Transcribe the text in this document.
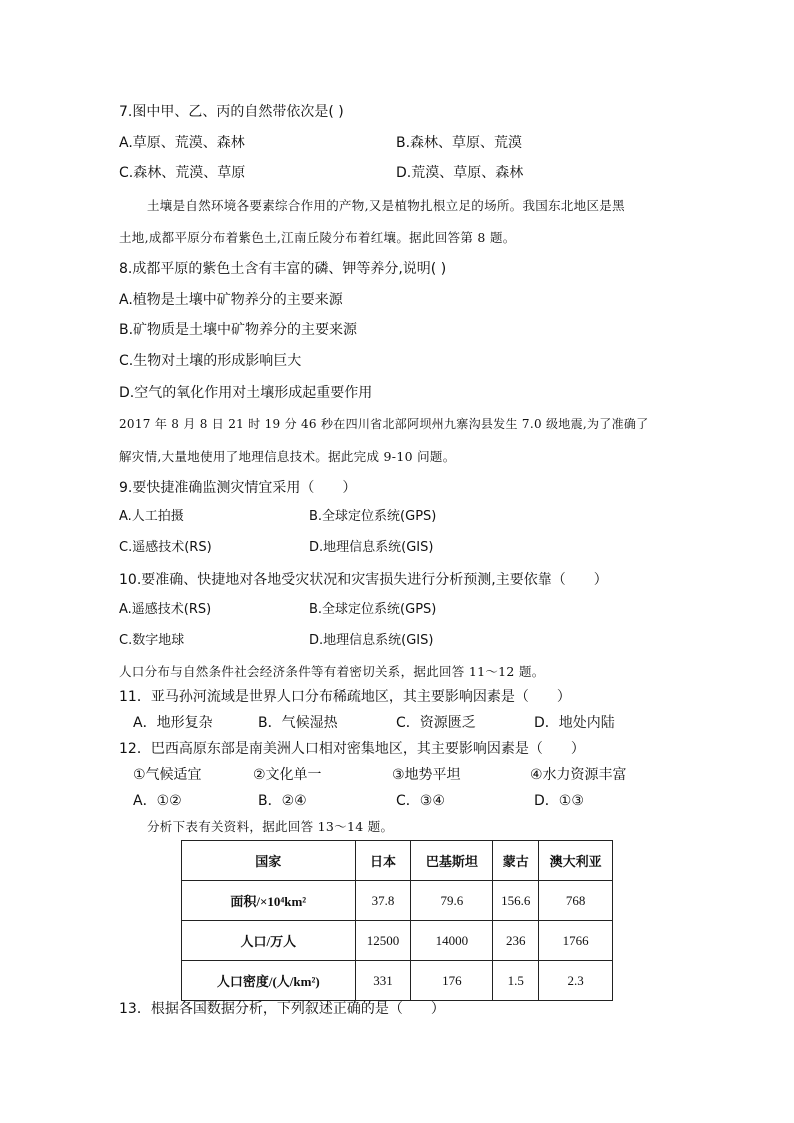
7.图中甲、乙、丙的自然带依次是( )
A.草原、荒漠、森林	B.森林、草原、荒漠
C.森林、荒漠、草原	D.荒漠、草原、森林
土壤是自然环境各要素综合作用的产物,又是植物扎根立足的场所。我国东北地区是黑
土地,成都平原分布着紫色土,江南丘陵分布着红壤。据此回答第 8 题。
8.成都平原的紫色土含有丰富的磷、钾等养分,说明( )
A.植物是土壤中矿物养分的主要来源
B.矿物质是土壤中矿物养分的主要来源
C.生物对土壤的形成影响巨大
D.空气的氧化作用对土壤形成起重要作用
2017 年 8 月 8 日 21 时 19 分 46 秒在四川省北部阿坝州九寨沟县发生 7.0 级地震,为了准确了
解灾情,大量地使用了地理信息技术。据此完成 9-10 问题。
9.要快捷准确监测灾情宜采用（　　）
A.人工拍摄	B.全球定位系统(GPS)
C.遥感技术(RS)	D.地理信息系统(GIS)
10.要准确、快捷地对各地受灾状况和灾害损失进行分析预测,主要依靠（　　）
A.遥感技术(RS)	B.全球定位系统(GPS)
C.数字地球	D.地理信息系统(GIS)
人口分布与自然条件社会经济条件等有着密切关系，据此回答 11～12 题。
11．亚马孙河流域是世界人口分布稀疏地区，其主要影响因素是（　　）
A．地形复杂	B．气候湿热	C．资源匮乏	D．地处内陆
12．巴西高原东部是南美洲人口相对密集地区，其主要影响因素是（　　）
①气候适宜	②文化单一	③地势平坦	④水力资源丰富
A．①②	B．②④	C．③④	D．①③
分析下表有关资料，据此回答 13～14 题。
国家	日本	巴基斯坦	蒙古	澳大利亚
面积/×10⁴km²	37.8	79.6	156.6	768
人口/万人	12500	14000	236	1766
人口密度/(人/km²)	331	176	1.5	2.3
13．根据各国数据分析，下列叙述正确的是（　　）
